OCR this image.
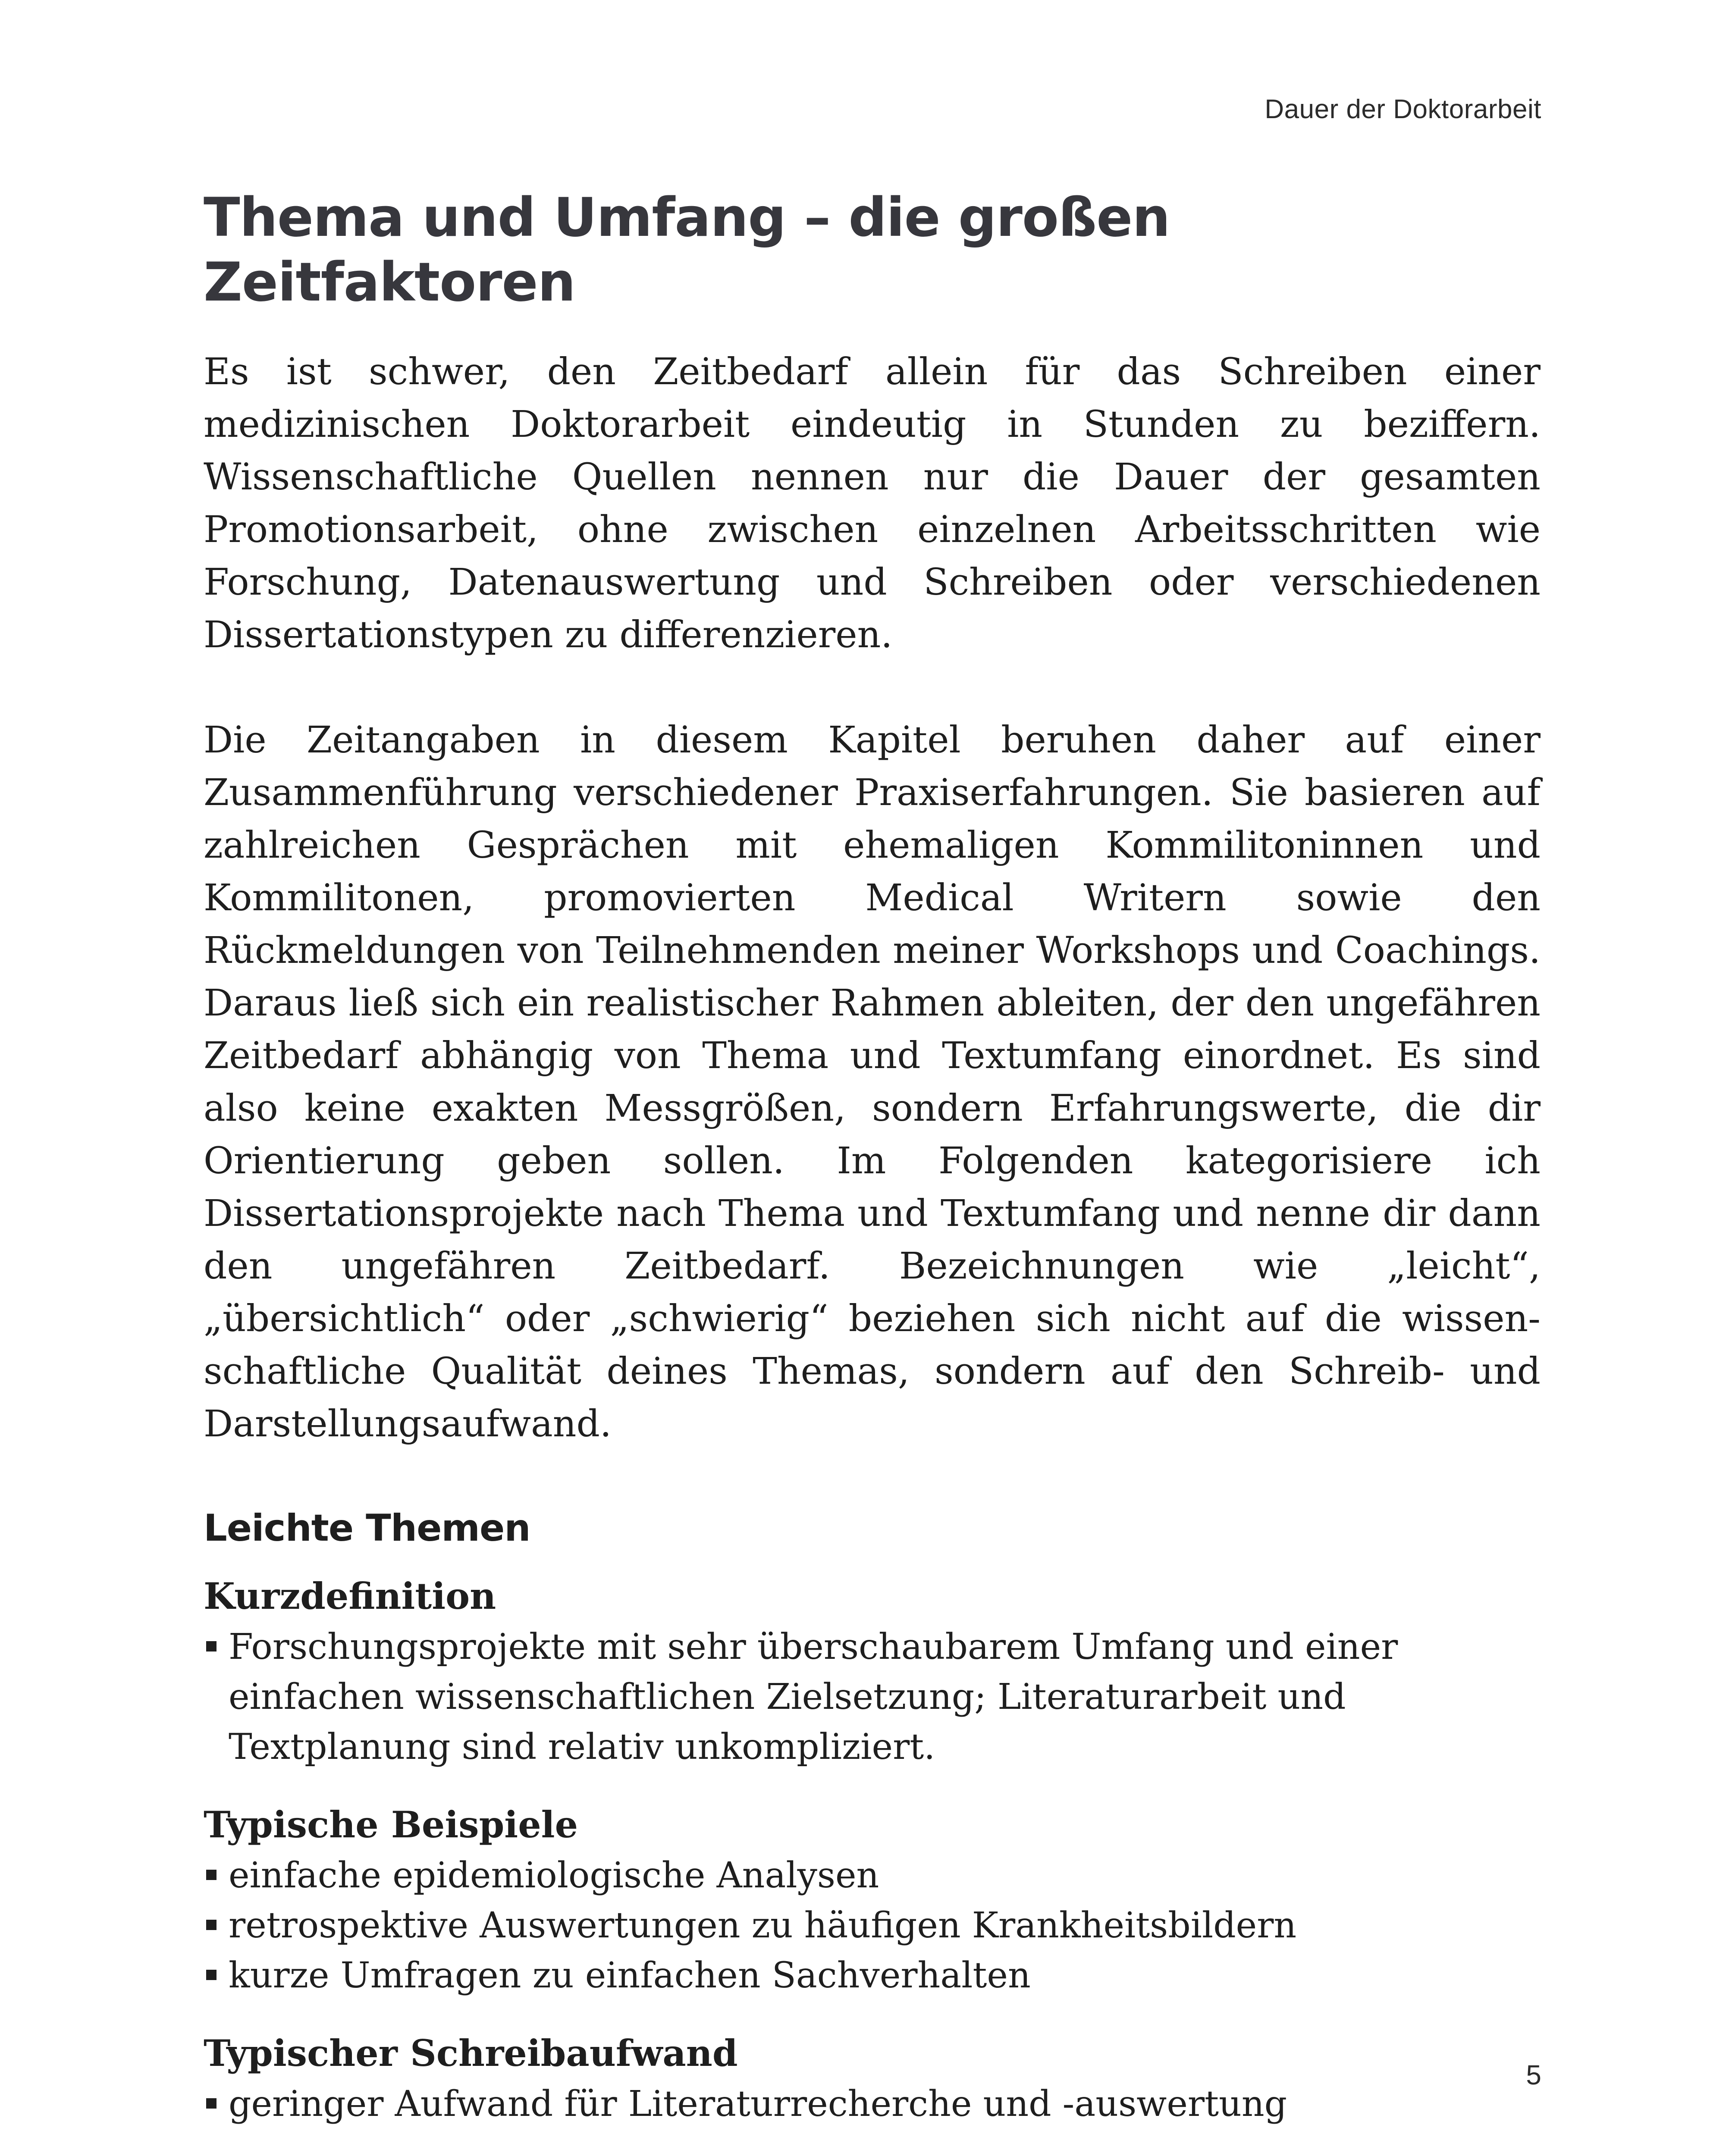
Dauer der Doktorarbeit
Thema und Umfang – die großen Zeitfaktoren

Es ist schwer, den Zeitbedarf allein für das Schreiben einer medizinischen Doktorarbeit eindeutig in Stunden zu beziffern. Wissenschaftliche Quellen nennen nur die Dauer der gesamten Promotionsarbeit, ohne zwischen einzelnen Arbeitsschritten wie Forschung, Datenauswertung und Schreiben oder verschiedenen Dissertationstypen zu differenzieren.

Die Zeitangaben in diesem Kapitel beruhen daher auf einer Zusammenführung verschiedener Praxiserfahrungen. Sie basieren auf zahlreichen Gesprächen mit ehemaligen Kommilitoninnen und Kommilitonen, promovierten Medical Writern sowie den Rückmeldungen von Teilnehmenden meiner Workshops und Coachings. Daraus ließ sich ein realistischer Rahmen ableiten, der den ungefähren Zeitbedarf abhängig von Thema und Textumfang einordnet. Es sind also keine exakten Messgrößen, sondern Erfahrungswerte, die dir Orientierung geben sollen. Im Folgenden kategorisiere ich Dissertationsprojekte nach Thema und Textumfang und nenne dir dann den ungefähren Zeitbedarf. Bezeichnungen wie „leicht“, „übersichtlich“ oder „schwierig“ beziehen sich nicht auf die wissenschaftliche Qualität deines Themas, sondern auf den Schreib- und Darstellungsaufwand.

Leichte Themen
Kurzdefinition
Forschungsprojekte mit sehr überschaubarem Umfang und einer einfachen wissenschaftlichen Zielsetzung; Literaturarbeit und Textplanung sind relativ unkompliziert.
Typische Beispiele
einfache epidemiologische Analysen
retrospektive Auswertungen zu häufigen Krankheitsbildern
kurze Umfragen zu einfachen Sachverhalten
Typischer Schreibaufwand
geringer Aufwand für Literaturrecherche und -auswertung
5
